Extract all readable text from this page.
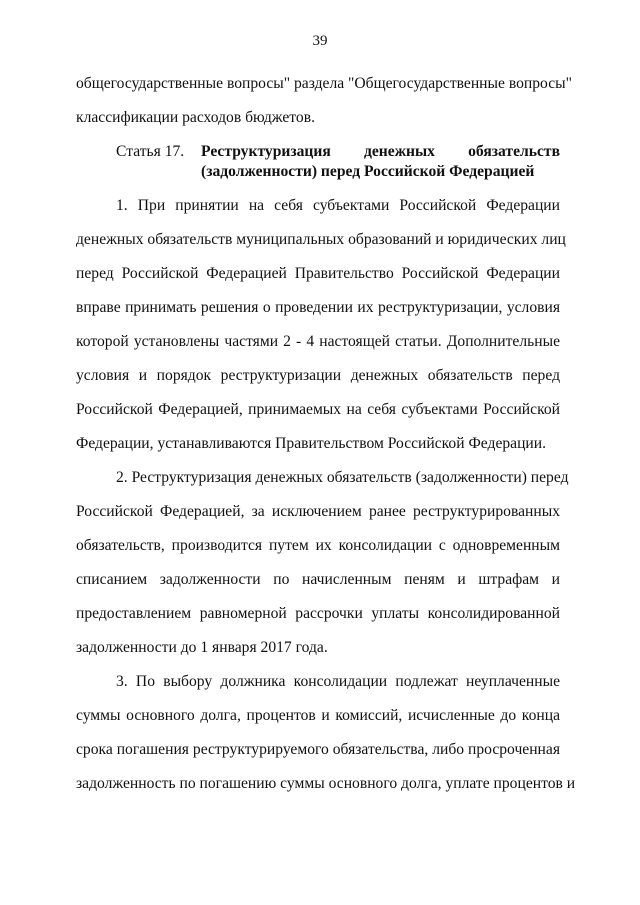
39
общегосударственные вопросы" раздела "Общегосударственные вопросы"
классификации расходов бюджетов.
Статья 17. Реструктуризация денежных обязательств
(задолженности) перед Российской Федерацией
1. При принятии на себя субъектами Российской Федерации
денежных обязательств муниципальных образований и юридических лиц
перед Российской Федерацией Правительство Российской Федерации
вправе принимать решения о проведении их реструктуризации, условия
которой установлены частями 2 - 4 настоящей статьи. Дополнительные
условия и порядок реструктуризации денежных обязательств перед
Российской Федерацией, принимаемых на себя субъектами Российской
Федерации, устанавливаются Правительством Российской Федерации.
2. Реструктуризация денежных обязательств (задолженности) перед
Российской Федерацией, за исключением ранее реструктурированных
обязательств, производится путем их консолидации с одновременным
списанием задолженности по начисленным пеням и штрафам и
предоставлением равномерной рассрочки уплаты консолидированной
задолженности до 1 января 2017 года.
3. По выбору должника консолидации подлежат неуплаченные
суммы основного долга, процентов и комиссий, исчисленные до конца
срока погашения реструктурируемого обязательства, либо просроченная
задолженность по погашению суммы основного долга, уплате процентов и
